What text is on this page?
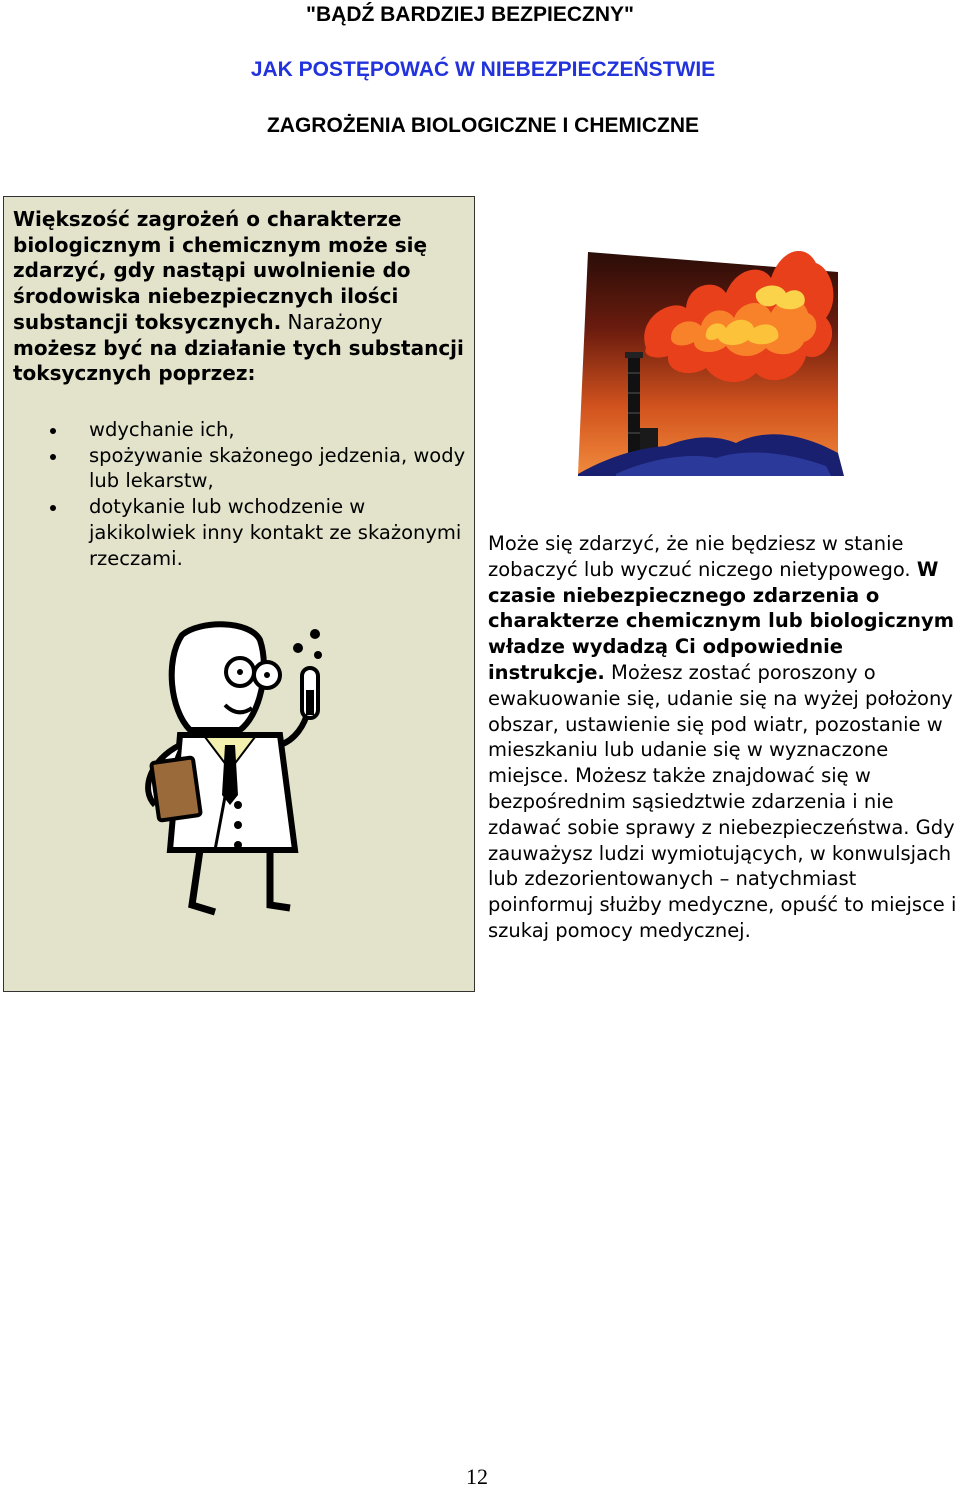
"BĄDŹ BARDZIEJ BEZPIECZNY"
JAK POSTĘPOWAĆ W NIEBEZPIECZEŃSTWIE
ZAGROŻENIA BIOLOGICZNE I CHEMICZNE
Większość zagrożeń o charakterze biologicznym i chemicznym może się zdarzyć, gdy nastąpi uwolnienie do środowiska niebezpiecznych ilości substancji toksycznych. Narażony możesz być na działanie tych substancji toksycznych poprzez:
wdychanie ich,
spożywanie skażonego jedzenia, wody lub lekarstw,
dotykanie lub wchodzenie w jakikolwiek inny kontakt ze skażonymi rzeczami.
Może się zdarzyć, że nie będziesz w stanie zobaczyć lub wyczuć niczego nietypowego. W czasie niebezpiecznego zdarzenia o charakterze chemicznym lub biologicznym władze wydadzą Ci odpowiednie instrukcje. Możesz zostać poroszony o ewakuowanie się, udanie się na wyżej położony obszar, ustawienie się pod wiatr, pozostanie w mieszkaniu lub udanie się w wyznaczone miejsce. Możesz także znajdować się w bezpośrednim sąsiedztwie zdarzenia i nie zdawać sobie sprawy z niebezpieczeństwa. Gdy zauważysz ludzi wymiotujących, w konwulsjach lub zdezorientowanych – natychmiast poinformuj służby medyczne, opuść to miejsce i szukaj pomocy medycznej.
12
